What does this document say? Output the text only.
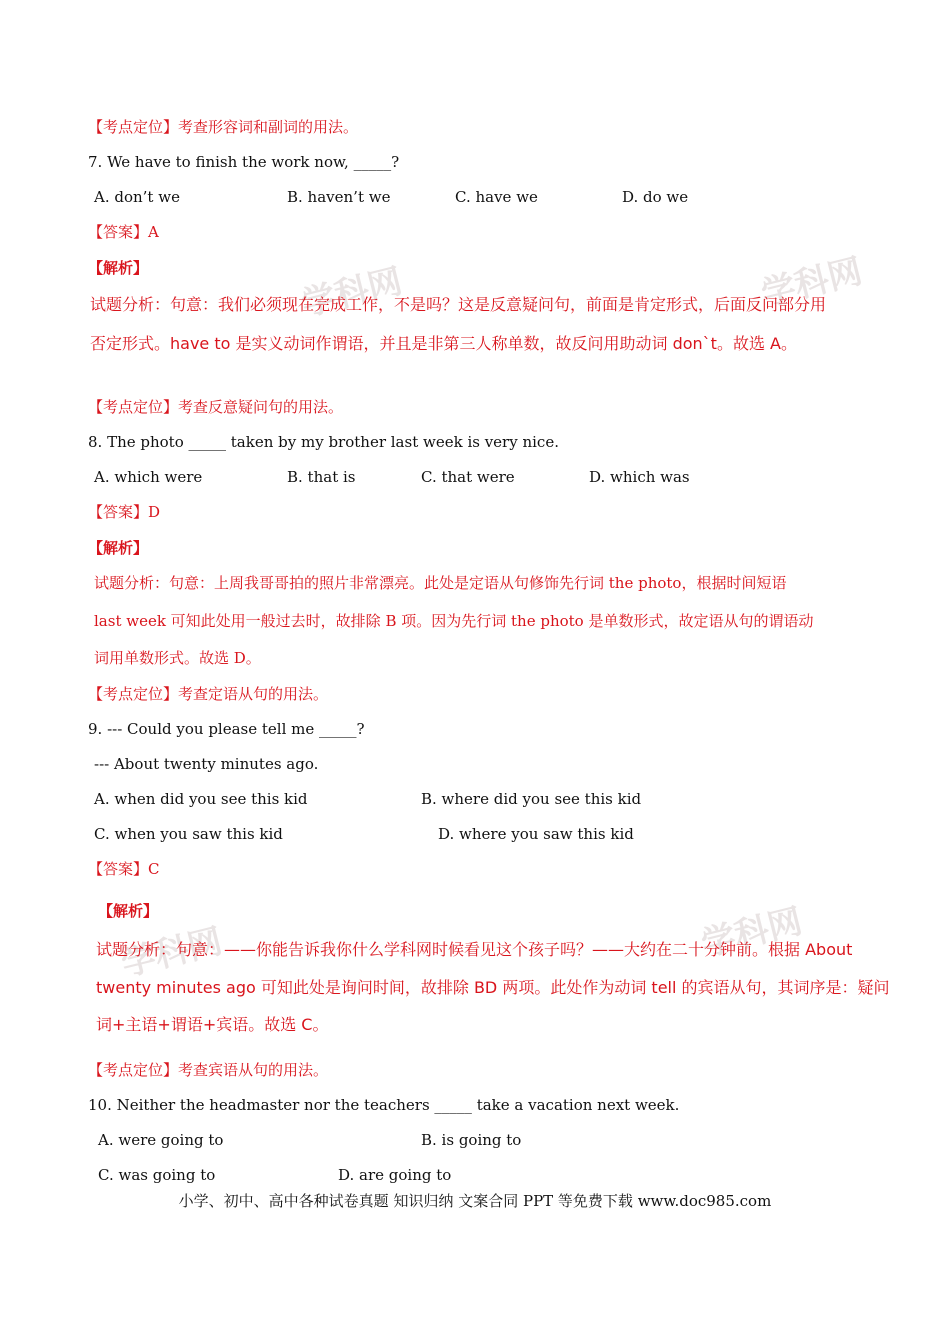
学科网	学科网
学科网	学科网
【考点定位】考查形容词和副词的用法。
7. We have to finish the work now, _____?
A. don’t we	B. haven’t we	C. have we	D. do we
【答案】A
【解析】
试题分析：句意：我们必须现在完成工作，不是吗？这是反意疑问句，前面是肯定形式，后面反问部分用
否定形式。have to 是实义动词作谓语，并且是非第三人称单数，故反问用助动词 don`t。故选 A。
【考点定位】考查反意疑问句的用法。
8. The photo _____ taken by my brother last week is very nice.
A. which were	B. that is	C. that were	D. which was
【答案】D
【解析】
试题分析：句意：上周我哥哥拍的照片非常漂亮。此处是定语从句修饰先行词 the photo，根据时间短语
last week 可知此处用一般过去时，故排除 B 项。因为先行词 the photo 是单数形式，故定语从句的谓语动
词用单数形式。故选 D。
【考点定位】考查定语从句的用法。
9. --- Could you please tell me _____?
--- About twenty minutes ago.
A. when did you see this kid	B. where did you see this kid
C. when you saw this kid	D. where you saw this kid
【答案】C
【解析】
试题分析：句意：——你能告诉我你什么学科网时候看见这个孩子吗？——大约在二十分钟前。根据 About
twenty minutes ago 可知此处是询问时间，故排除 BD 两项。此处作为动词 tell 的宾语从句，其词序是：疑问
词+主语+谓语+宾语。故选 C。
【考点定位】考查宾语从句的用法。
10. Neither the headmaster nor the teachers _____ take a vacation next week.
A. were going to	B. is going to
C. was going to	D. are going to
小学、初中、高中各种试卷真题 知识归纳 文案合同 PPT 等免费下载 www.doc985.com
